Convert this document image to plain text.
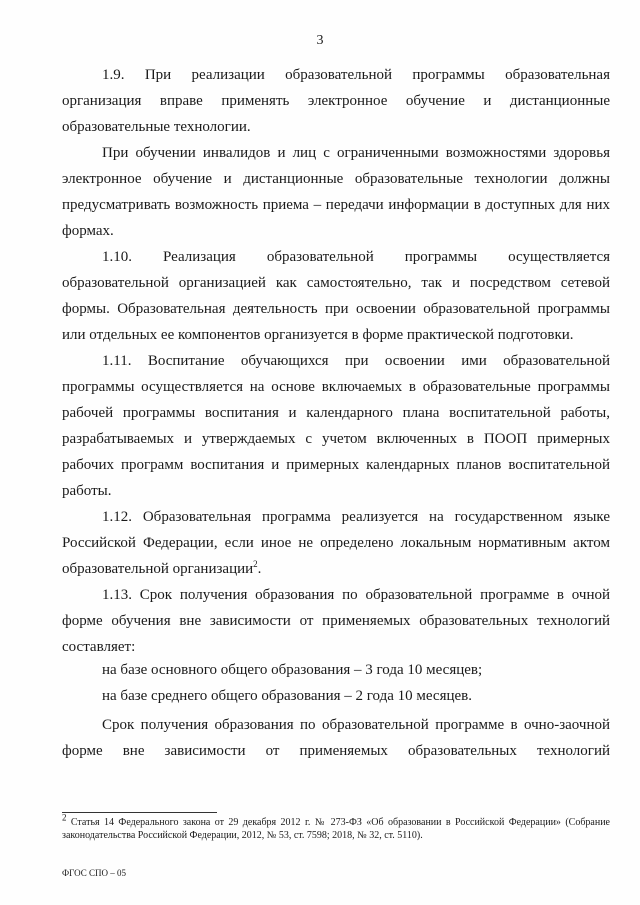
3

1.9. При реализации образовательной программы образовательная организация вправе применять электронное обучение и дистанционные образовательные технологии.

При обучении инвалидов и лиц с ограниченными возможностями здоровья электронное обучение и дистанционные образовательные технологии должны предусматривать возможность приема – передачи информации в доступных для них формах.

1.10. Реализация образовательной программы осуществляется образовательной организацией как самостоятельно, так и посредством сетевой формы. Образовательная деятельность при освоении образовательной программы или отдельных ее компонентов организуется в форме практической подготовки.

1.11. Воспитание обучающихся при освоении ими образовательной программы осуществляется на основе включаемых в образовательные программы рабочей программы воспитания и календарного плана воспитательной работы, разрабатываемых и утверждаемых с учетом включенных в ПООП примерных рабочих программ воспитания и примерных календарных планов воспитательной работы.

1.12. Образовательная программа реализуется на государственном языке Российской Федерации, если иное не определено локальным нормативным актом образовательной организации$^2$.

1.13. Срок получения образования по образовательной программе в очной форме обучения вне зависимости от применяемых образовательных технологий составляет:

на базе основного общего образования – 3 года 10 месяцев;

на базе среднего общего образования – 2 года 10 месяцев.

Срок получения образования по образовательной программе в очно-заочной форме вне зависимости от применяемых образовательных технологий

$^2$ Статья 14 Федерального закона от 29 декабря 2012 г. № 273-ФЗ «Об образовании в Российской Федерации» (Собрание законодательства Российской Федерации, 2012, № 53, ст. 7598; 2018, № 32, ст. 5110).

ФГОС СПО – 05
